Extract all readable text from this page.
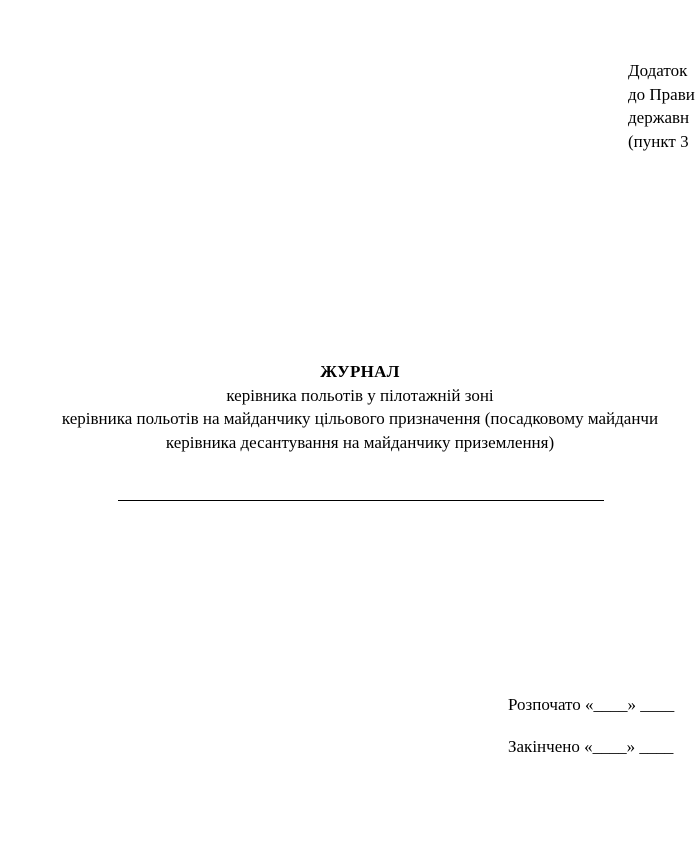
Додаток
до Прави
державн
(пункт 3
ЖУРНАЛ
керівника польотів у пілотажній зоні
керівника польотів на майданчику цільового призначення (посадковому майданчи
керівника десантування на майданчику приземлення)
Розпочато «____» ____
Закінчено «____» ____
